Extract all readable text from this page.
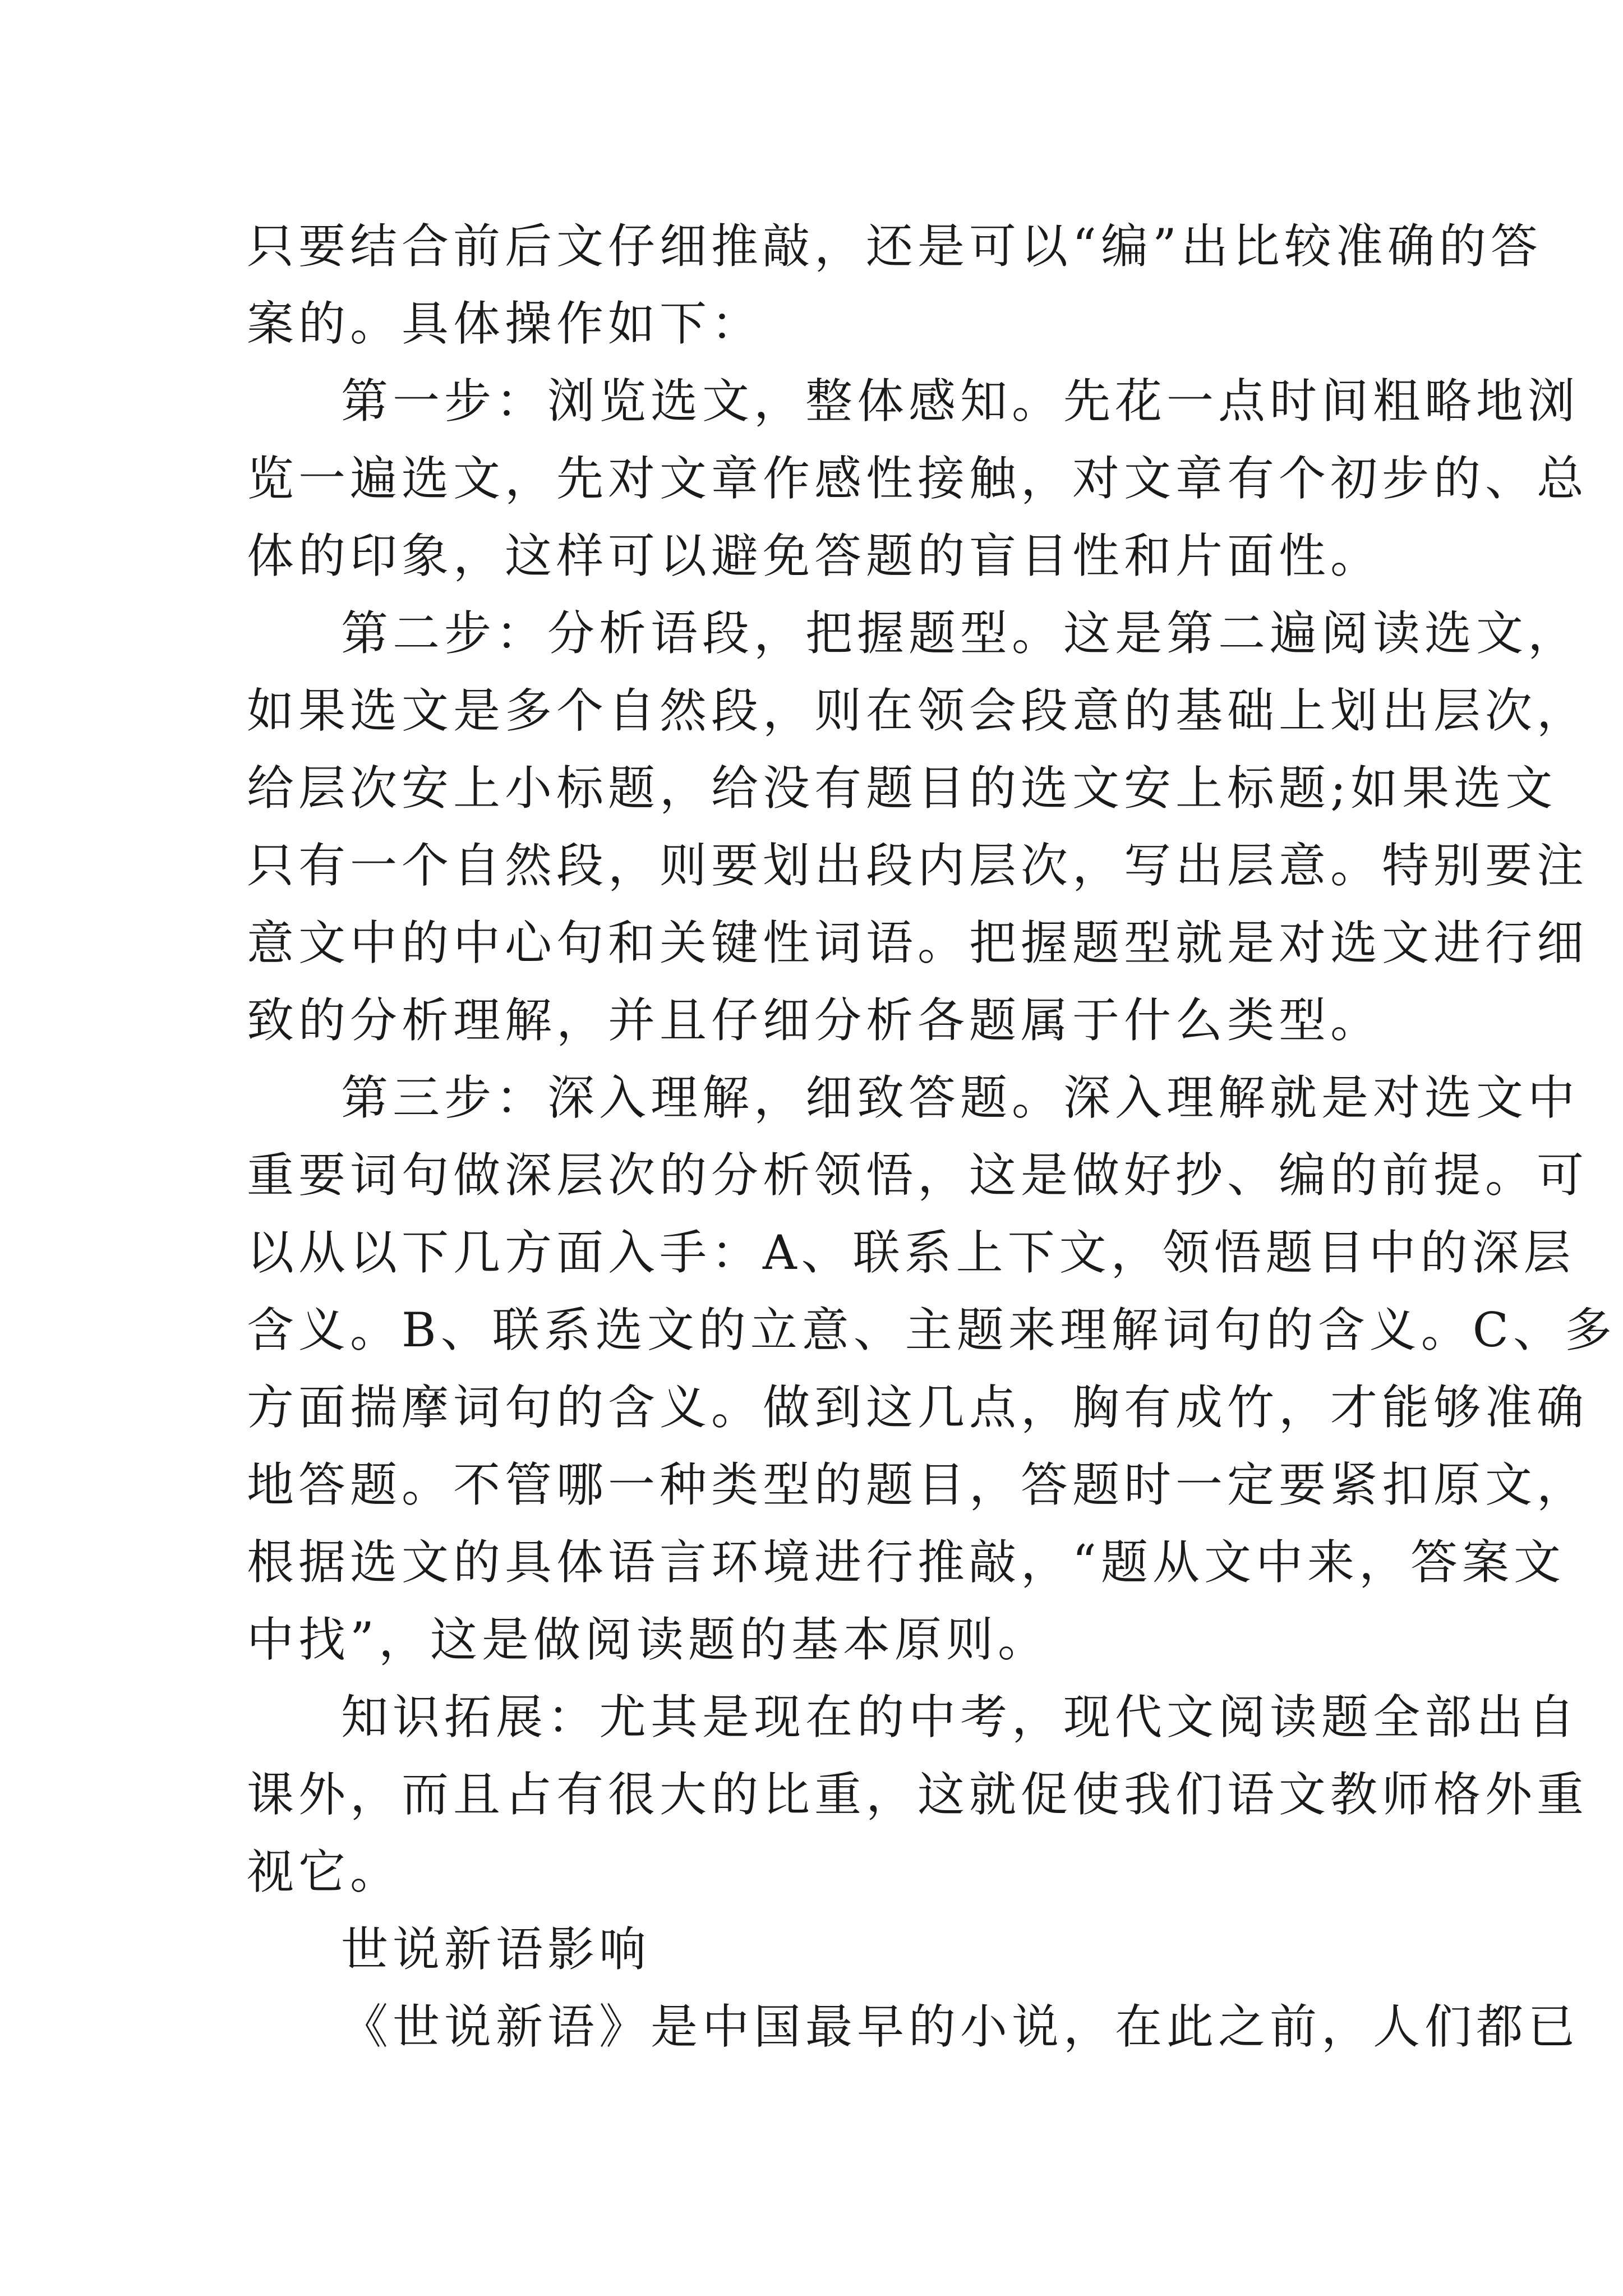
只要结合前后文仔细推敲，还是可以“编”出比较准确的答
案的。具体操作如下：
第一步：浏览选文，整体感知。先花一点时间粗略地浏
览一遍选文，先对文章作感性接触，对文章有个初步的、总
体的印象，这样可以避免答题的盲目性和片面性。
第二步：分析语段，把握题型。这是第二遍阅读选文，
如果选文是多个自然段，则在领会段意的基础上划出层次，
给层次安上小标题，给没有题目的选文安上标题;如果选文
只有一个自然段，则要划出段内层次，写出层意。特别要注
意文中的中心句和关键性词语。把握题型就是对选文进行细
致的分析理解，并且仔细分析各题属于什么类型。
第三步：深入理解，细致答题。深入理解就是对选文中
重要词句做深层次的分析领悟，这是做好抄、编的前提。可
以从以下几方面入手：A、联系上下文，领悟题目中的深层
含义。B、联系选文的立意、主题来理解词句的含义。C、多
方面揣摩词句的含义。做到这几点，胸有成竹，才能够准确
地答题。不管哪一种类型的题目，答题时一定要紧扣原文，
根据选文的具体语言环境进行推敲，“题从文中来，答案文
中找”，这是做阅读题的基本原则。
知识拓展：尤其是现在的中考，现代文阅读题全部出自
课外，而且占有很大的比重，这就促使我们语文教师格外重
视它。
世说新语影响
《世说新语》是中国最早的小说，在此之前，人们都已
